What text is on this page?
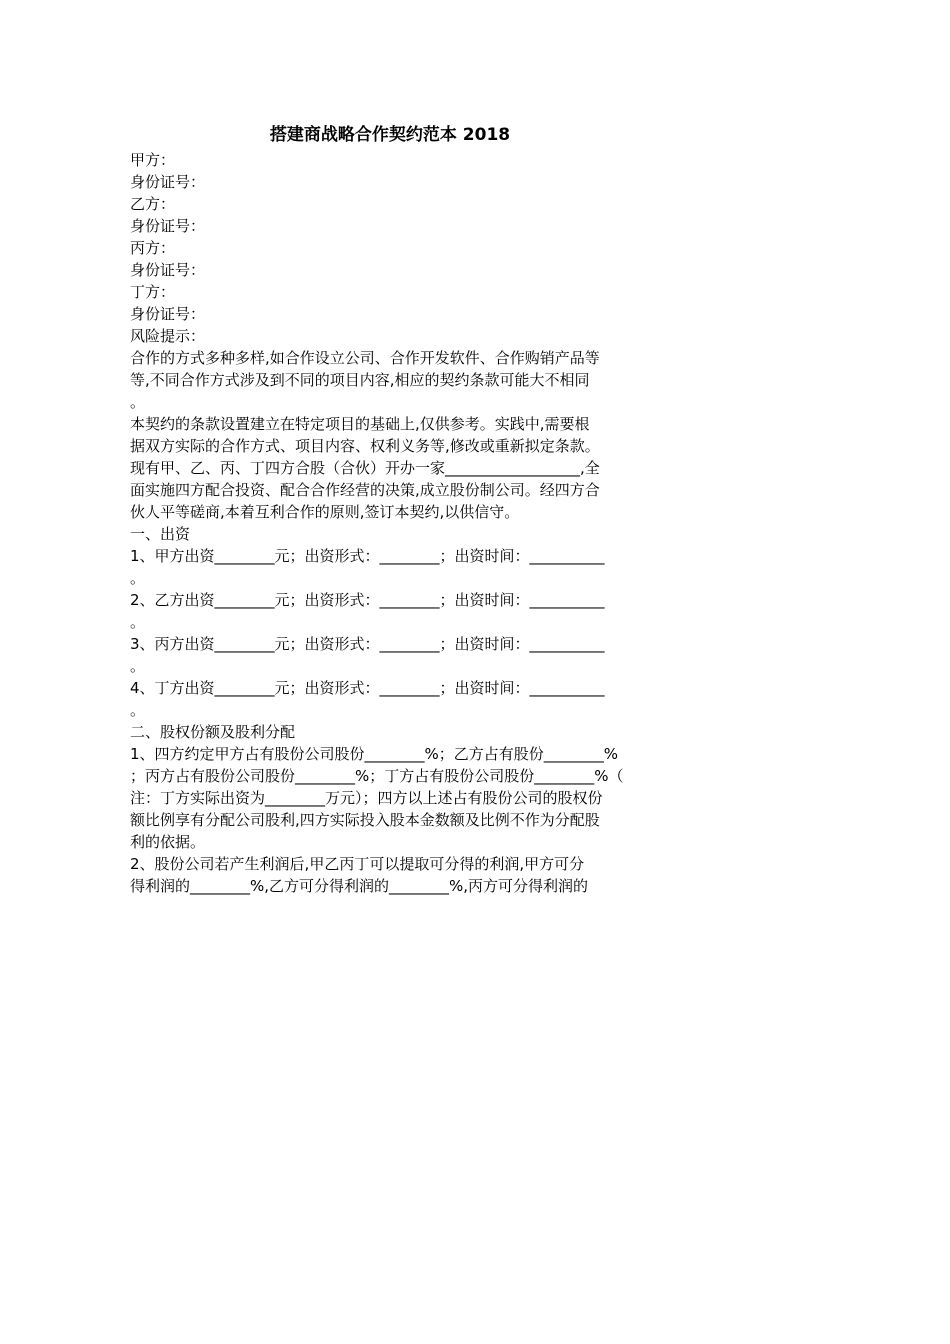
搭建商战略合作契约范本 2018
甲方：
身份证号：
乙方：
身份证号：
丙方：
身份证号：
丁方：
身份证号：
风险提示：
合作的方式多种多样,如合作设立公司、合作开发软件、合作购销产品等
等,不同合作方式涉及到不同的项目内容,相应的契约条款可能大不相同
。
本契约的条款设置建立在特定项目的基础上,仅供参考。实践中,需要根
据双方实际的合作方式、项目内容、权利义务等,修改或重新拟定条款。
现有甲、乙、丙、丁四方合股（合伙）开办一家__________________,全
面实施四方配合投资、配合合作经营的决策,成立股份制公司。经四方合
伙人平等磋商,本着互利合作的原则,签订本契约,以供信守。
一、出资
1、甲方出资________元；出资形式：________；出资时间：__________
。
2、乙方出资________元；出资形式：________；出资时间：__________
。
3、丙方出资________元；出资形式：________；出资时间：__________
。
4、丁方出资________元；出资形式：________；出资时间：__________
。
二、股权份额及股利分配
1、四方约定甲方占有股份公司股份________%；乙方占有股份________%
；丙方占有股份公司股份________%；丁方占有股份公司股份________%（
注：丁方实际出资为________万元）；四方以上述占有股份公司的股权份
额比例享有分配公司股利,四方实际投入股本金数额及比例不作为分配股
利的依据。
2、股份公司若产生利润后,甲乙丙丁可以提取可分得的利润,甲方可分
得利润的________%,乙方可分得利润的________%,丙方可分得利润的
